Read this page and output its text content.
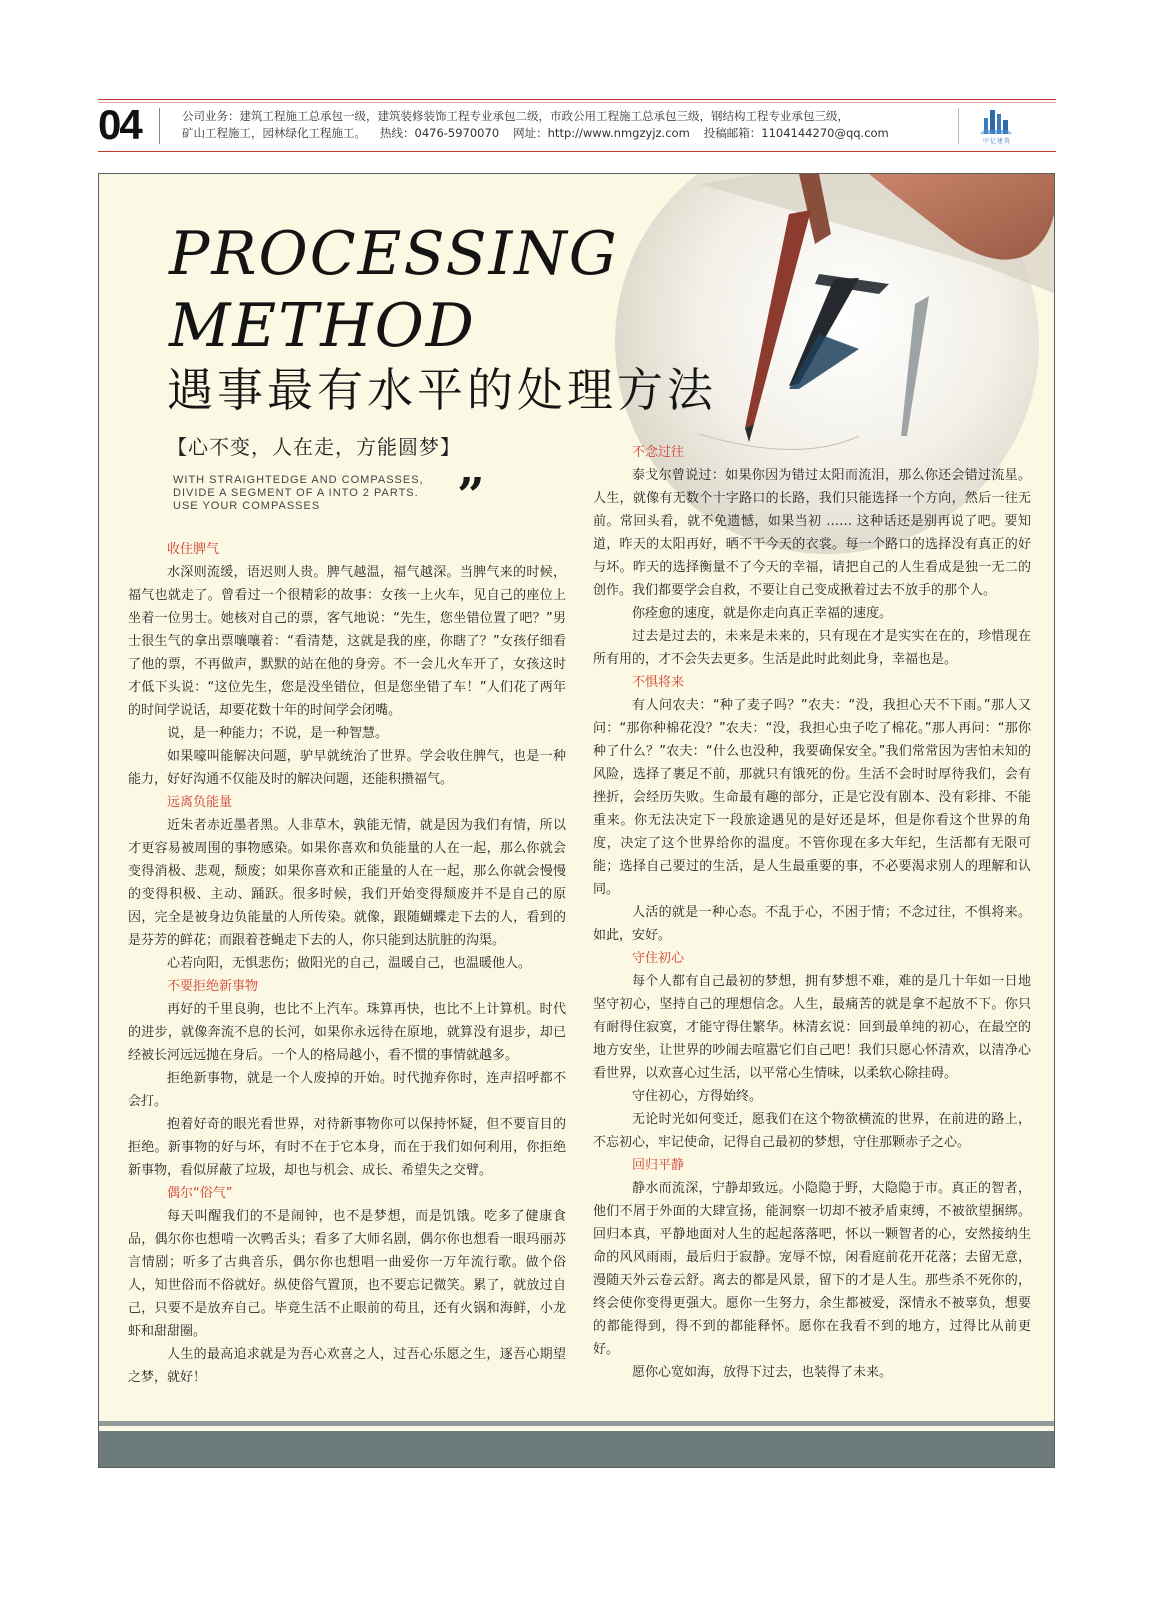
04	公司业务：建筑工程施工总承包一级，建筑装修装饰工程专业承包二级，市政公用工程施工总承包三级，钢结构工程专业承包三级，
矿山工程施工，园林绿化工程施工。 热线：0476-5970070 网址：http://www.nmgzyjz.com 投稿邮箱：1104144270@qq.com
中亿建筑
PROCESSING
METHOD
遇事最有水平的处理方法
【心不变，人在走，方能圆梦】
WITH STRAIGHTEDGE AND COMPASSES,
DIVIDE A SEGMENT OF A INTO 2 PARTS.
USE YOUR COMPASSES	”
收住脾气
水深则流缓，语迟则人贵。脾气越温，福气越深。当脾气来的时候，福气也就走了。曾看过一个很精彩的故事：女孩一上火车，见自己的座位上坐着一位男士。她核对自己的票，客气地说：“先生，您坐错位置了吧？”男士很生气的拿出票嚷嚷着：“看清楚，这就是我的座，你瞎了？”女孩仔细看了他的票，不再做声，默默的站在他的身旁。不一会儿火车开了，女孩这时才低下头说：“这位先生，您是没坐错位，但是您坐错了车！”人们花了两年的时间学说话，却要花数十年的时间学会闭嘴。
说，是一种能力；不说，是一种智慧。
如果嚎叫能解决问题，驴早就统治了世界。学会收住脾气，也是一种能力，好好沟通不仅能及时的解决问题，还能积攒福气。
远离负能量
近朱者赤近墨者黑。人非草木，孰能无情，就是因为我们有情，所以才更容易被周围的事物感染。如果你喜欢和负能量的人在一起，那么你就会变得消极、悲观，颓废；如果你喜欢和正能量的人在一起，那么你就会慢慢的变得积极、主动、踊跃。很多时候，我们开始变得颓废并不是自己的原因，完全是被身边负能量的人所传染。就像，跟随蝴蝶走下去的人，看到的是芬芳的鲜花；而跟着苍蝇走下去的人，你只能到达肮脏的沟渠。
心若向阳，无惧悲伤；做阳光的自己，温暖自己，也温暖他人。
不要拒绝新事物
再好的千里良驹，也比不上汽车。珠算再快，也比不上计算机。时代的进步，就像奔流不息的长河，如果你永远待在原地，就算没有退步，却已经被长河远远抛在身后。一个人的格局越小，看不惯的事情就越多。
拒绝新事物，就是一个人废掉的开始。时代抛弃你时，连声招呼都不会打。
抱着好奇的眼光看世界，对待新事物你可以保持怀疑，但不要盲目的拒绝。新事物的好与坏，有时不在于它本身，而在于我们如何利用，你拒绝新事物，看似屏蔽了垃圾，却也与机会、成长、希望失之交臂。
偶尔“俗气”
每天叫醒我们的不是闹钟，也不是梦想，而是饥饿。吃多了健康食品，偶尔你也想啃一次鸭舌头；看多了大师名剧，偶尔你也想看一眼玛丽苏言情剧；听多了古典音乐，偶尔你也想唱一曲爱你一万年流行歌。做个俗人，知世俗而不俗就好。纵使俗气置顶，也不要忘记微笑。累了，就放过自己，只要不是放弃自己。毕竟生活不止眼前的苟且，还有火锅和海鲜，小龙虾和甜甜圈。
人生的最高追求就是为吾心欢喜之人，过吾心乐愿之生，逐吾心期望之梦，就好！
不念过往
泰戈尔曾说过：如果你因为错过太阳而流泪，那么你还会错过流星。人生，就像有无数个十字路口的长路，我们只能选择一个方向，然后一往无前。常回头看，就不免遗憾，如果当初 …… 这种话还是别再说了吧。要知道，昨天的太阳再好，晒不干今天的衣裳。每一个路口的选择没有真正的好与坏。昨天的选择衡量不了今天的幸福，请把自己的人生看成是独一无二的创作。我们都要学会自救，不要让自己变成揪着过去不放手的那个人。
你痊愈的速度，就是你走向真正幸福的速度。
过去是过去的，未来是未来的，只有现在才是实实在在的，珍惜现在所有用的，才不会失去更多。生活是此时此刻此身，幸福也是。
不惧将来
有人问农夫：“种了麦子吗？”农夫：“没，我担心天不下雨。”那人又问：“那你种棉花没？”农夫：“没，我担心虫子吃了棉花。”那人再问：“那你种了什么？”农夫：“什么也没种，我要确保安全。”我们常常因为害怕未知的风险，选择了裹足不前，那就只有饿死的份。生活不会时时厚待我们，会有挫折，会经历失败。生命最有趣的部分，正是它没有剧本、没有彩排、不能重来。你无法决定下一段旅途遇见的是好还是坏，但是你看这个世界的角度，决定了这个世界给你的温度。不管你现在多大年纪，生活都有无限可能；选择自己要过的生活，是人生最重要的事，不必要渴求别人的理解和认同。
人活的就是一种心态。不乱于心，不困于情；不念过往，不惧将来。如此，安好。
守住初心
每个人都有自己最初的梦想，拥有梦想不难，难的是几十年如一日地坚守初心，坚持自己的理想信念。人生，最痛苦的就是拿不起放不下。你只有耐得住寂寞，才能守得住繁华。林清玄说：回到最单纯的初心，在最空的地方安坐，让世界的吵闹去喧嚣它们自己吧！我们只愿心怀清欢，以清净心看世界，以欢喜心过生活，以平常心生情味，以柔软心除挂碍。
守住初心，方得始终。
无论时光如何变迁，愿我们在这个物欲横流的世界，在前进的路上，不忘初心，牢记使命，记得自己最初的梦想，守住那颗赤子之心。
回归平静
静水而流深，宁静却致远。小隐隐于野，大隐隐于市。真正的智者，他们不屑于外面的大肆宣扬，能洞察一切却不被矛盾束缚，不被欲望捆绑。回归本真，平静地面对人生的起起落落吧，怀以一颗智者的心，安然接纳生命的风风雨雨，最后归于寂静。宠辱不惊，闲看庭前花开花落；去留无意，漫随天外云卷云舒。离去的都是风景，留下的才是人生。那些杀不死你的，终会使你变得更强大。愿你一生努力，余生都被爱，深情永不被辜负，想要的都能得到，得不到的都能释怀。愿你在我看不到的地方，过得比从前更好。
愿你心宽如海，放得下过去，也装得了未来。
